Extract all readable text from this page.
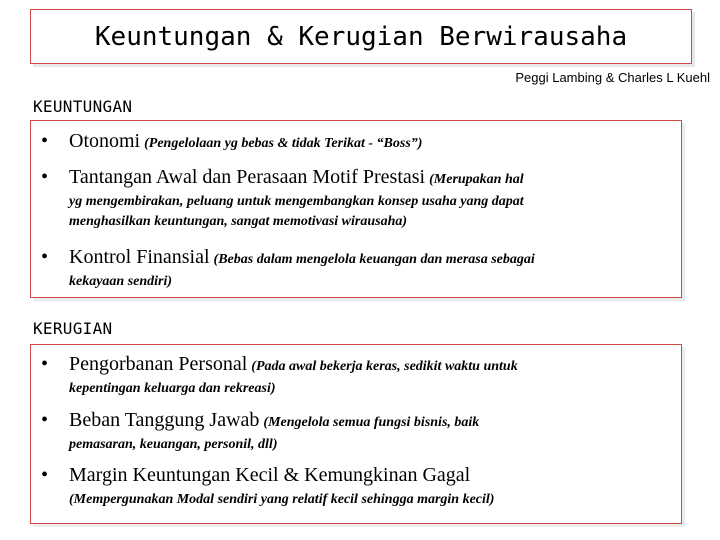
Keuntungan & Kerugian Berwirausaha
Peggi Lambing & Charles L Kuehl
KEUNTUNGAN
• Otonomi (Pengelolaan yg bebas & tidak Terikat - “Boss”)
• Tantangan Awal dan Perasaan Motif Prestasi (Merupakan hal
yg mengembirakan, peluang untuk mengembangkan konsep usaha yang dapat
menghasilkan keuntungan, sangat memotivasi wirausaha)
• Kontrol Finansial (Bebas dalam mengelola keuangan dan merasa sebagai
kekayaan sendiri)
KERUGIAN
• Pengorbanan Personal (Pada awal bekerja keras, sedikit waktu untuk
kepentingan keluarga dan rekreasi)
• Beban Tanggung Jawab (Mengelola semua fungsi bisnis, baik
pemasaran, keuangan, personil, dll)
• Margin Keuntungan Kecil & Kemungkinan Gagal
(Mempergunakan Modal sendiri yang relatif kecil sehingga margin kecil)
